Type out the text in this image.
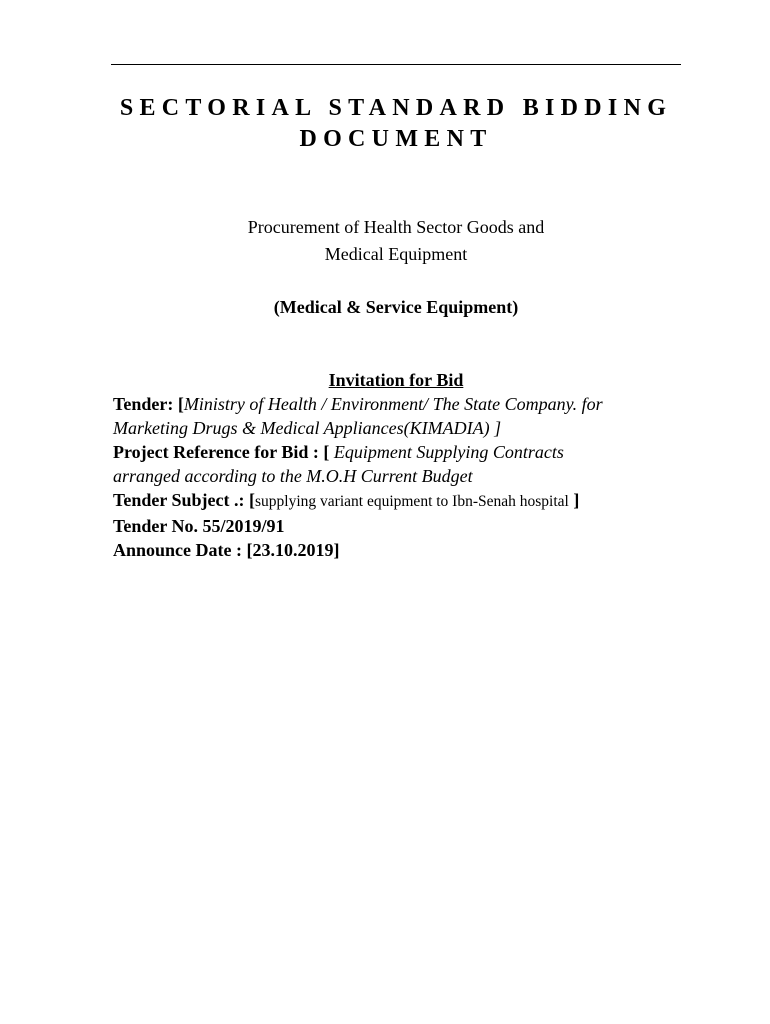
SECTORIAL STANDARD BIDDING
DOCUMENT
Procurement of Health Sector Goods and
Medical Equipment
(Medical & Service Equipment)
Invitation for Bid
Tender: [Ministry of Health / Environment/ The State Company. for
Marketing Drugs & Medical Appliances(KIMADIA) ]
Project Reference for Bid : [ Equipment Supplying Contracts
arranged according to the M.O.H Current Budget
Tender Subject .: [supplying variant equipment to Ibn-Senah hospital ]
Tender No. 55/2019/91
Announce Date : [23.10.2019]
